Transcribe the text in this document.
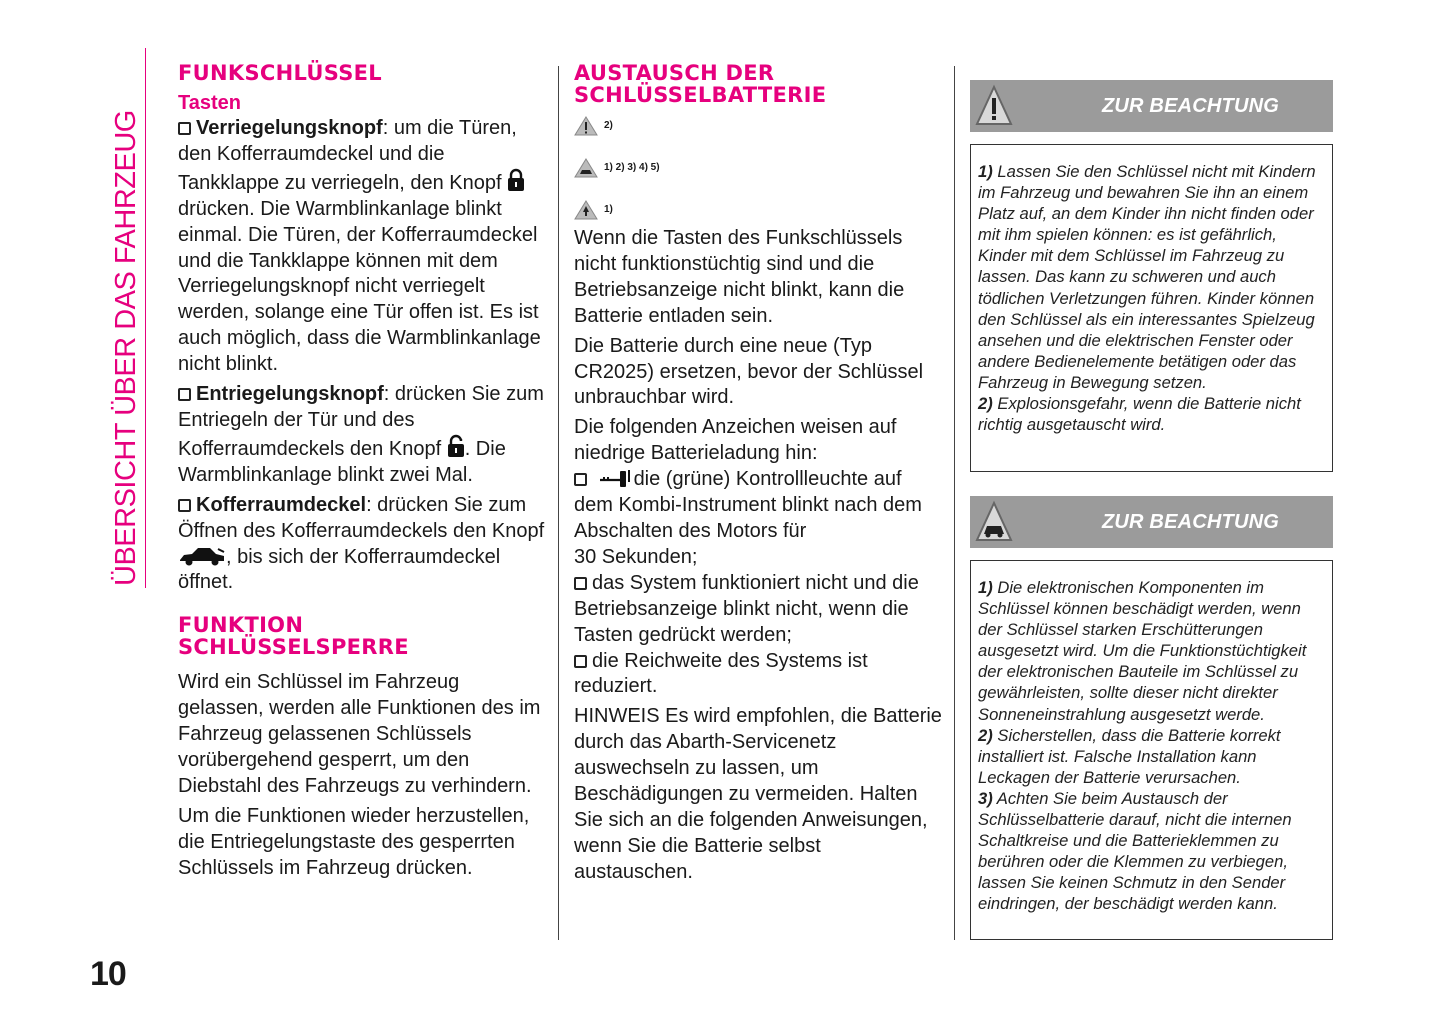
ÜBERSICHT ÜBER DAS FAHRZEUG
10
FUNKSCHLÜSSEL
Tasten

Verriegelungsknopf: um die Türen, den Kofferraumdeckel und die Tankklappe zu verriegeln, den Knopf  drücken. Die Warmblinkanlage blinkt einmal. Die Türen, der Kofferraumdeckel und die Tankklappe können mit dem Verriegelungsknopf nicht verriegelt werden, solange eine Tür offen ist. Es ist auch möglich, dass die Warmblinkanlage nicht blinkt.

Entriegelungsknopf: drücken Sie zum Entriegeln der Tür und des Kofferraumdeckels den Knopf . Die Warmblinkanlage blinkt zwei Mal.

Kofferraumdeckel: drücken Sie zum Öffnen des Kofferraumdeckels den Knopf , bis sich der Kofferraumdeckel öffnet.

FUNKTION
SCHLÜSSELSPERRE

Wird ein Schlüssel im Fahrzeug gelassen, werden alle Funktionen des im Fahrzeug gelassenen Schlüssels vorübergehend gesperrt, um den Diebstahl des Fahrzeugs zu verhindern.

Um die Funktionen wieder herzustellen, die Entriegelungstaste des gesperrten Schlüssels im Fahrzeug drücken.

AUSTAUSCH DER
SCHLÜSSELBATTERIE
2)
1) 2) 3) 4) 5)
1)

Wenn die Tasten des Funkschlüssels nicht funktionstüchtig sind und die Betriebsanzeige nicht blinkt, kann die Batterie entladen sein.

Die Batterie durch eine neue (Typ CR2025) ersetzen, bevor der Schlüssel unbrauchbar wird.

Die folgenden Anzeichen weisen auf niedrige Batterieladung hin:

die (grüne) Kontrollleuchte auf dem Kombi-Instrument blinkt nach dem Abschalten des Motors für
30 Sekunden;

das System funktioniert nicht und die Betriebsanzeige blinkt nicht, wenn die Tasten gedrückt werden;

die Reichweite des Systems ist reduziert.

HINWEIS Es wird empfohlen, die Batterie durch das Abarth-Servicenetz auswechseln zu lassen, um Beschädigungen zu vermeiden. Halten Sie sich an die folgenden Anweisungen, wenn Sie die Batterie selbst austauschen.

ZUR BEACHTUNG

1) Lassen Sie den Schlüssel nicht mit Kindern im Fahrzeug und bewahren Sie ihn an einem Platz auf, an dem Kinder ihn nicht finden oder mit ihm spielen können: es ist gefährlich, Kinder mit dem Schlüssel im Fahrzeug zu lassen. Das kann zu schweren und auch tödlichen Verletzungen führen. Kinder können den Schlüssel als ein interessantes Spielzeug ansehen und die elektrischen Fenster oder andere Bedienelemente betätigen oder das Fahrzeug in Bewegung setzen.

2) Explosionsgefahr, wenn die Batterie nicht richtig ausgetauscht wird.

ZUR BEACHTUNG

1) Die elektronischen Komponenten im Schlüssel können beschädigt werden, wenn der Schlüssel starken Erschütterungen ausgesetzt wird. Um die Funktionstüchtigkeit der elektronischen Bauteile im Schlüssel zu gewährleisten, sollte dieser nicht direkter Sonneneinstrahlung ausgesetzt werde.

2) Sicherstellen, dass die Batterie korrekt installiert ist. Falsche Installation kann Leckagen der Batterie verursachen.

3) Achten Sie beim Austausch der Schlüsselbatterie darauf, nicht die internen Schaltkreise und die Batterieklemmen zu berühren oder die Klemmen zu verbiegen, lassen Sie keinen Schmutz in den Sender eindringen, der beschädigt werden kann.
